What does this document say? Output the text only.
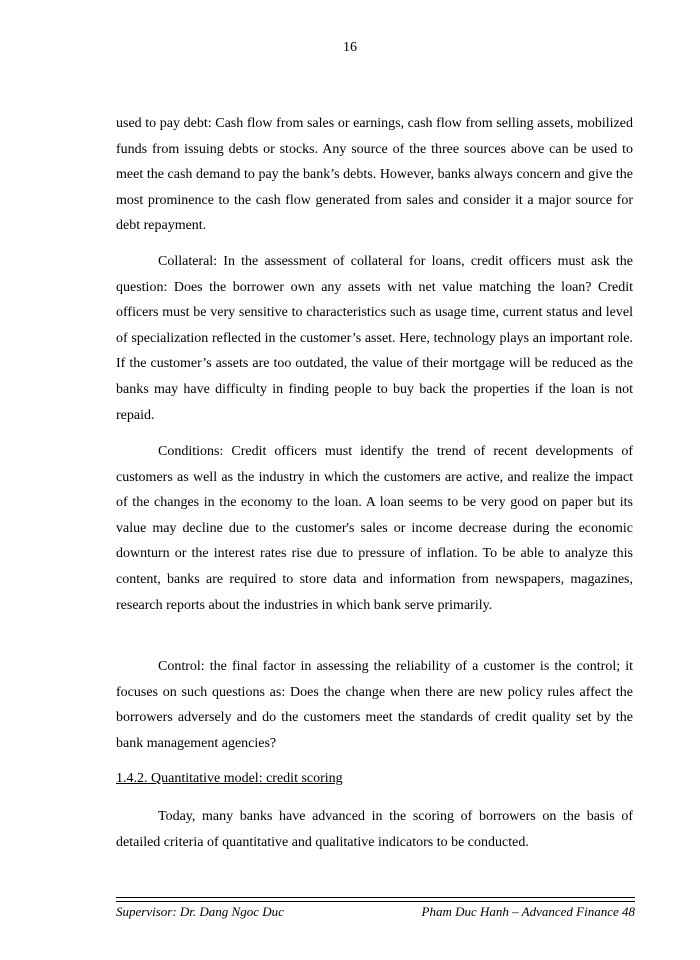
16

used to pay debt: Cash flow from sales or earnings, cash flow from selling assets, mobilized funds from issuing debts or stocks. Any source of the three sources above can be used to meet the cash demand to pay the bank’s debts. However, banks always concern and give the most prominence to the cash flow generated from sales and consider it a major source for debt repayment.

Collateral: In the assessment of collateral for loans, credit officers must ask the question: Does the borrower own any assets with net value matching the loan? Credit officers must be very sensitive to characteristics such as usage time, current status and level of specialization reflected in the customer’s asset. Here, technology plays an important role. If the customer’s assets are too outdated, the value of their mortgage will be reduced as the banks may have difficulty in finding people to buy back the properties if the loan is not repaid.

Conditions: Credit officers must identify the trend of recent developments of customers as well as the industry in which the customers are active, and realize the impact of the changes in the economy to the loan. A loan seems to be very good on paper but its value may decline due to the customer's sales or income decrease during the economic downturn or the interest rates rise due to pressure of inflation. To be able to analyze this content, banks are required to store data and information from newspapers, magazines, research reports about the industries in which bank serve primarily.

Control: the final factor in assessing the reliability of a customer is the control; it focuses on such questions as: Does the change when there are new policy rules affect the borrowers adversely and do the customers meet the standards of credit quality set by the bank management agencies?

1.4.2. Quantitative model: credit scoring

Today, many banks have advanced in the scoring of borrowers on the basis of detailed criteria of quantitative and qualitative indicators to be conducted.

Supervisor: Dr. Dang Ngoc Duc	Pham Duc Hanh – Advanced Finance 48
